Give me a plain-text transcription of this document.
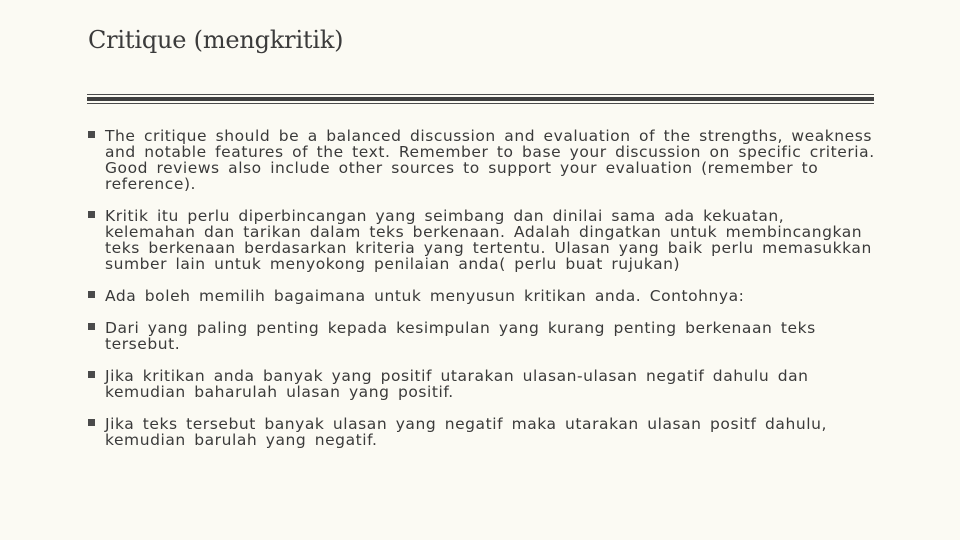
Critique (mengkritik)
The critique should be a balanced discussion and evaluation of the strengths, weakness and notable features of the text. Remember to base your discussion on specific criteria. Good reviews also include other sources to support your evaluation (remember to reference).
Kritik itu perlu diperbincangan yang seimbang dan dinilai sama ada kekuatan, kelemahan dan tarikan dalam teks berkenaan. Adalah dingatkan untuk membincangkan teks berkenaan berdasarkan kriteria yang tertentu. Ulasan yang baik perlu memasukkan sumber lain untuk menyokong penilaian anda( perlu buat rujukan)
Ada boleh memilih bagaimana untuk menyusun kritikan anda. Contohnya:
Dari yang paling penting kepada kesimpulan yang kurang penting berkenaan teks tersebut.
Jika kritikan anda banyak yang positif utarakan ulasan-ulasan negatif dahulu dan kemudian baharulah ulasan yang positif.
Jika teks tersebut banyak ulasan yang negatif maka utarakan ulasan positf dahulu, kemudian barulah yang negatif.
